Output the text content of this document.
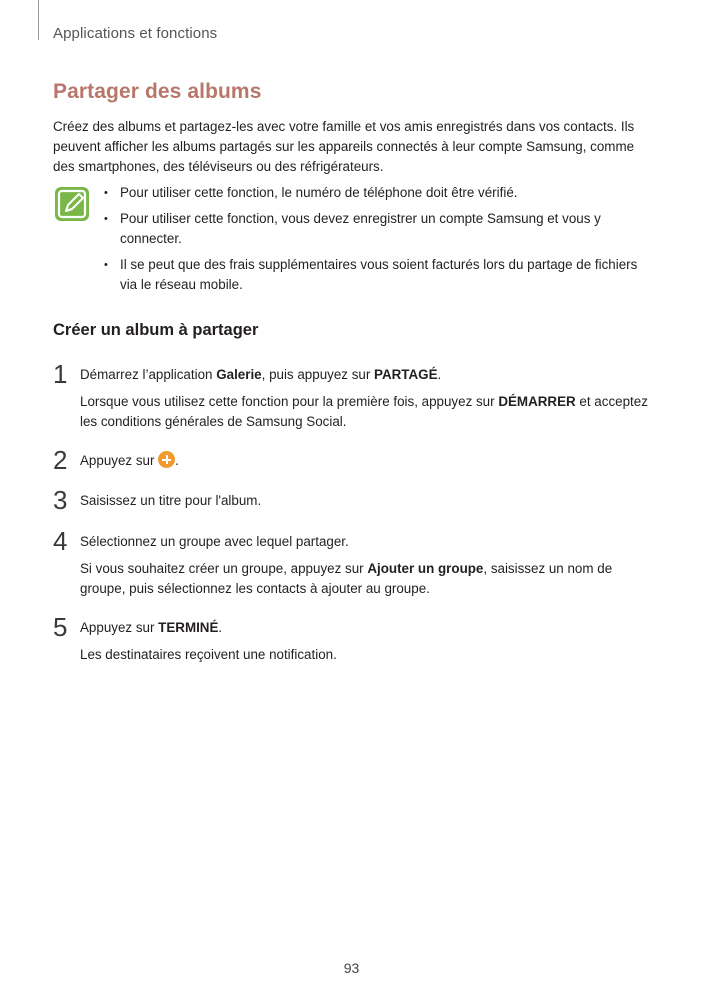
Applications et fonctions
Partager des albums

Créez des albums et partagez-les avec votre famille et vos amis enregistrés dans vos contacts. Ils peuvent afficher les albums partagés sur les appareils connectés à leur compte Samsung, comme des smartphones, des téléviseurs ou des réfrigérateurs.

• Pour utiliser cette fonction, le numéro de téléphone doit être vérifié.
• Pour utiliser cette fonction, vous devez enregistrer un compte Samsung et vous y connecter.
• Il se peut que des frais supplémentaires vous soient facturés lors du partage de fichiers via le réseau mobile.
Créer un album à partager
1 Démarrez l’application Galerie, puis appuyez sur PARTAGÉ.

Lorsque vous utilisez cette fonction pour la première fois, appuyez sur DÉMARRER et acceptez les conditions générales de Samsung Social.

2 Appuyez sur .

3 Saisissez un titre pour l'album.

4 Sélectionnez un groupe avec lequel partager.

Si vous souhaitez créer un groupe, appuyez sur Ajouter un groupe, saisissez un nom de groupe, puis sélectionnez les contacts à ajouter au groupe.

5 Appuyez sur TERMINÉ.

Les destinataires reçoivent une notification.

93
